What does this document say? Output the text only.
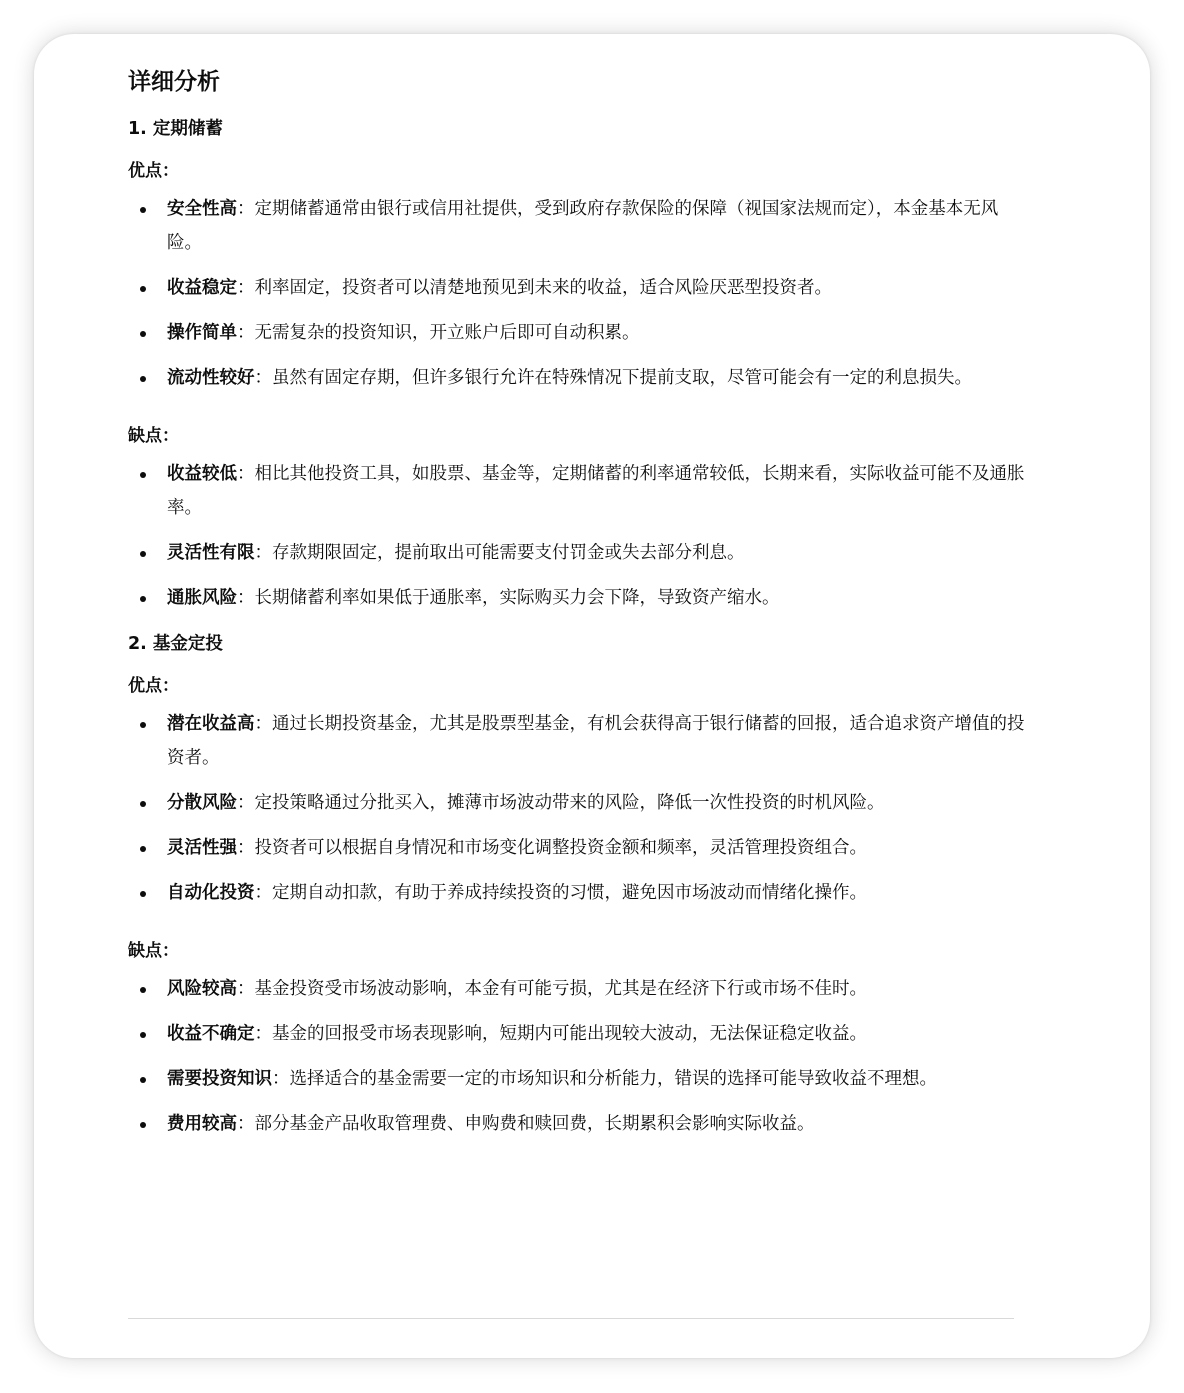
详细分析
1. 定期储蓄

优点：

安全性高：定期储蓄通常由银行或信用社提供，受到政府存款保险的保障（视国家法规而定），本金基本无风险。
收益稳定：利率固定，投资者可以清楚地预见到未来的收益，适合风险厌恶型投资者。
操作简单：无需复杂的投资知识，开立账户后即可自动积累。
流动性较好：虽然有固定存期，但许多银行允许在特殊情况下提前支取，尽管可能会有一定的利息损失。

缺点：

收益较低：相比其他投资工具，如股票、基金等，定期储蓄的利率通常较低，长期来看，实际收益可能不及通胀率。
灵活性有限：存款期限固定，提前取出可能需要支付罚金或失去部分利息。
通胀风险：长期储蓄利率如果低于通胀率，实际购买力会下降，导致资产缩水。
2. 基金定投

优点：

潜在收益高：通过长期投资基金，尤其是股票型基金，有机会获得高于银行储蓄的回报，适合追求资产增值的投资者。
分散风险：定投策略通过分批买入，摊薄市场波动带来的风险，降低一次性投资的时机风险。
灵活性强：投资者可以根据自身情况和市场变化调整投资金额和频率，灵活管理投资组合。
自动化投资：定期自动扣款，有助于养成持续投资的习惯，避免因市场波动而情绪化操作。

缺点：

风险较高：基金投资受市场波动影响，本金有可能亏损，尤其是在经济下行或市场不佳时。
收益不确定：基金的回报受市场表现影响，短期内可能出现较大波动，无法保证稳定收益。
需要投资知识：选择适合的基金需要一定的市场知识和分析能力，错误的选择可能导致收益不理想。
费用较高：部分基金产品收取管理费、申购费和赎回费，长期累积会影响实际收益。
